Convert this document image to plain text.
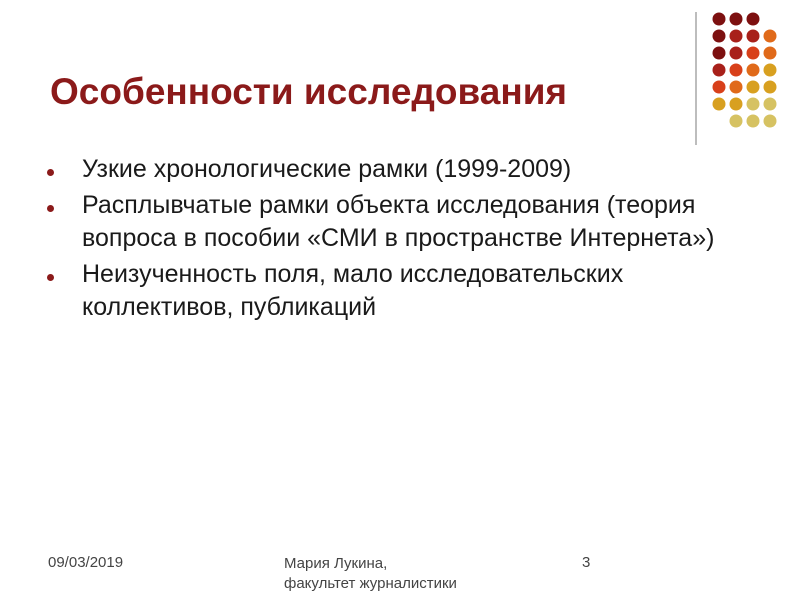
Особенности исследования
Узкие хронологические рамки (1999-2009)
Расплывчатые рамки объекта исследования (теория вопроса в пособии «СМИ в пространстве Интернета»)
Неизученность поля, мало исследовательских коллективов, публикаций
09/03/2019	Мария Лукина,
факультет журналистики
3
